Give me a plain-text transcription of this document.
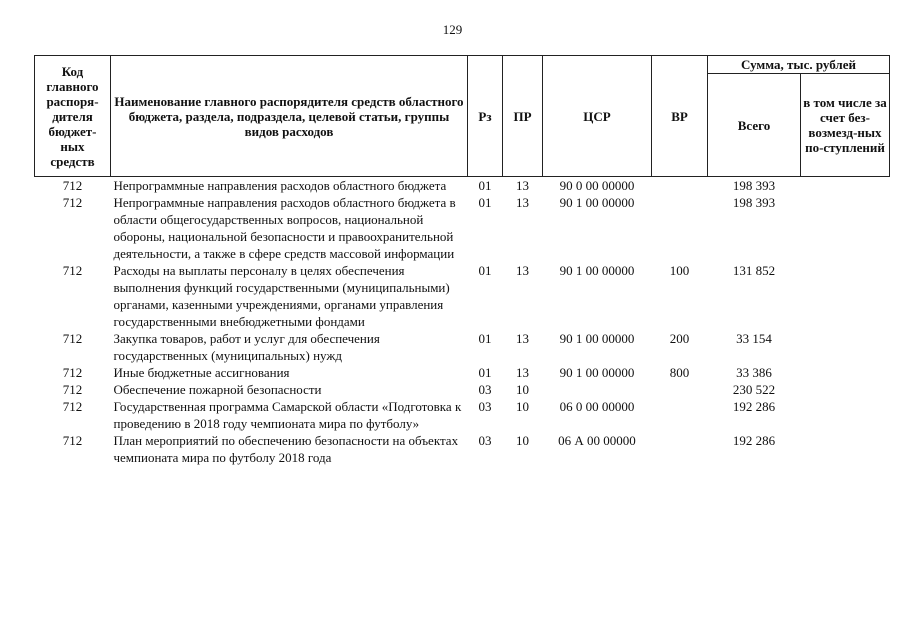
129
Код главного распоря-дителя бюджет-ных средств	Наименование главного распорядителя средств областного бюджета, раздела, подраздела, целевой статьи, группы видов расходов	Рз	ПР	ЦСР	ВР	Сумма, тыс. рублей	
						Всего	в том числе за счет без-возмезд-ных по-ступлений
712	Непрограммные направления расходов областного бюджета	01	13	90 0 00 00000		198 393	
712	Непрограммные направления расходов областного бюджета в области общегосударственных вопросов, национальной обороны, национальной безопасности и правоохранительной деятельности, а также в сфере средств массовой информации	01	13	90 1 00 00000		198 393	
712	Расходы на выплаты персоналу в целях обеспечения выполнения функций государственными (муниципальными) органами, казенными учреждениями, органами управления государственными внебюджетными фондами	01	13	90 1 00 00000	100	131 852	
712	Закупка товаров, работ и услуг для обеспечения государственных (муниципальных) нужд	01	13	90 1 00 00000	200	33 154	
712	Иные бюджетные ассигнования	01	13	90 1 00 00000	800	33 386	
712	Обеспечение пожарной безопасности	03	10			230 522	
712	Государственная программа Самарской области «Подготовка к проведению в 2018 году чемпионата мира по футболу»	03	10	06 0 00 00000		192 286	
712	План мероприятий по обеспечению безопасности на объектах чемпионата мира по футболу 2018 года	03	10	06 А 00 00000		192 286	
